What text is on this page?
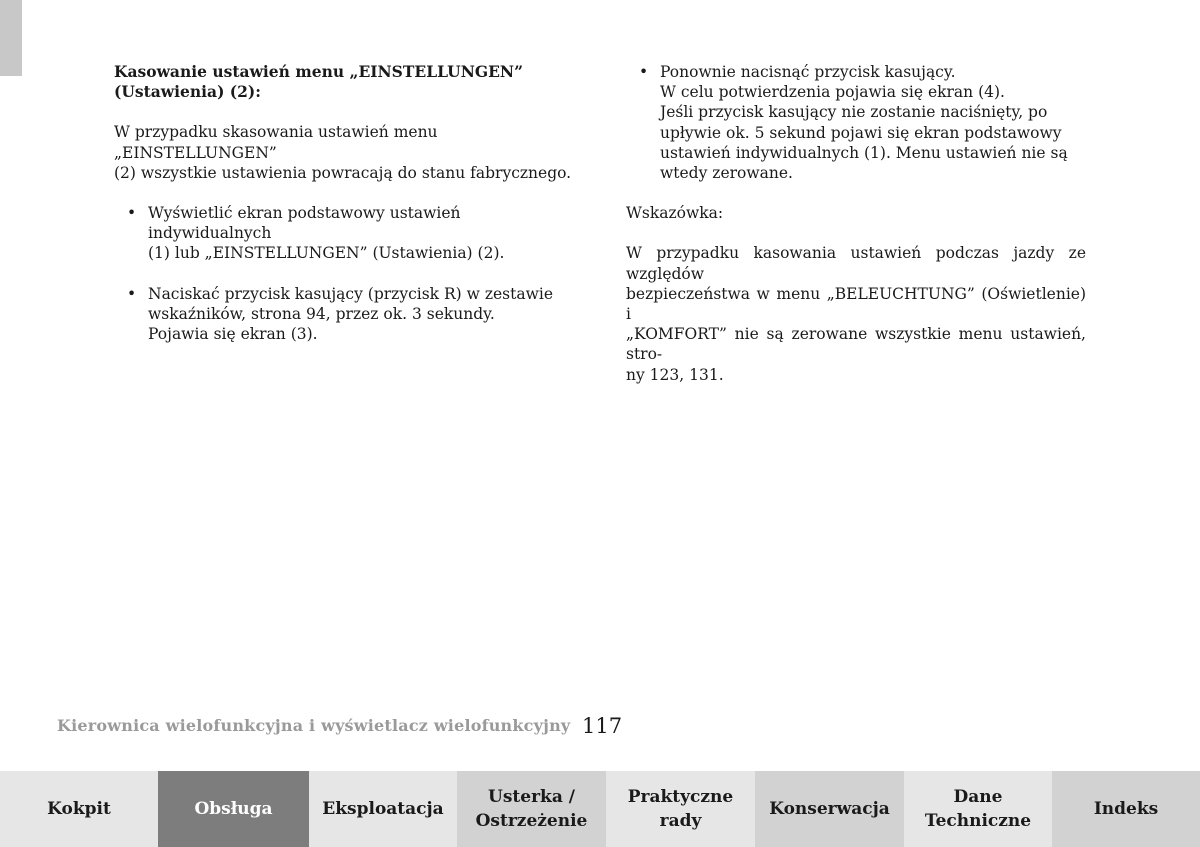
Kasowanie ustawień menu „EINSTELLUNGEN”
(Ustawienia) (2):
W przypadku skasowania ustawień menu „EINSTELLUNGEN”
(2) wszystkie ustawienia powracają do stanu fabrycznego.
• Wyświetlić ekran podstawowy ustawień indywidualnych
(1) lub „EINSTELLUNGEN” (Ustawienia) (2).
• Naciskać przycisk kasujący (przycisk R) w zestawie
wskaźników, strona 94, przez ok. 3 sekundy.
Pojawia się ekran (3).
• Ponownie nacisnąć przycisk kasujący.
W celu potwierdzenia pojawia się ekran (4).
Jeśli przycisk kasujący nie zostanie naciśnięty, po
upływie ok. 5 sekund pojawi się ekran podstawowy
ustawień indywidualnych (1). Menu ustawień nie są
wtedy zerowane.
Wskazówka:
W przypadku kasowania ustawień podczas jazdy ze względów
bezpieczeństwa w menu „BELEUCHTUNG” (Oświetlenie) i
„KOMFORT” nie są zerowane wszystkie menu ustawień, stro-
ny 123, 131.
Kierownica wielofunkcyjna i wyświetlacz wielofunkcyjny 117
Kokpit	Obsługa	Eksploatacja
Usterka /
Ostrzeżenie
Praktyczne
rady
Konserwacja
Dane
Techniczne
Indeks
